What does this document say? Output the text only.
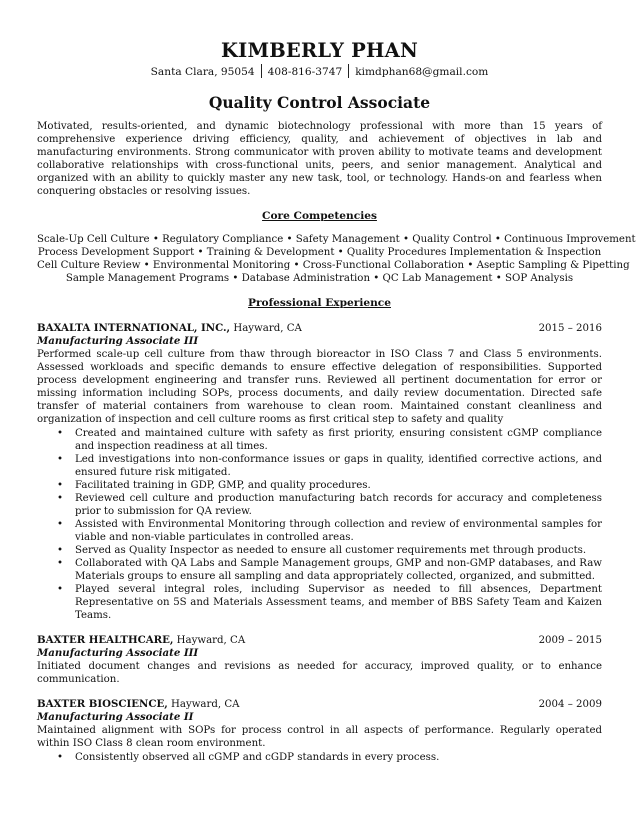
KIMBERLY PHAN
Santa Clara, 95054 408-816-3747 kimdphan68@gmail.com
Quality Control Associate
Motivated, results-oriented, and dynamic biotechnology professional with more than 15 years of comprehensive experience driving efficiency, quality, and achievement of objectives in lab and manufacturing environments. Strong communicator with proven ability to motivate teams and development collaborative relationships with cross-functional units, peers, and senior management. Analytical and organized with an ability to quickly master any new task, tool, or technology. Hands-on and fearless when conquering obstacles or resolving issues.
Core Competencies
Scale-Up Cell Culture • Regulatory Compliance • Safety Management • Quality Control • Continuous Improvement
Process Development Support • Training & Development • Quality Procedures Implementation & Inspection
Cell Culture Review • Environmental Monitoring • Cross-Functional Collaboration • Aseptic Sampling & Pipetting
Sample Management Programs • Database Administration • QC Lab Management • SOP Analysis
Professional Experience
BAXALTA INTERNATIONAL, INC., Hayward, CA	2015 – 2016
Manufacturing Associate III
Performed scale-up cell culture from thaw through bioreactor in ISO Class 7 and Class 5 environments. Assessed workloads and specific demands to ensure effective delegation of responsibilities. Supported process development engineering and transfer runs. Reviewed all pertinent documentation for error or missing information including SOPs, process documents, and daily review documentation. Directed safe transfer of material containers from warehouse to clean room. Maintained constant cleanliness and organization of inspection and cell culture rooms as first critical step to safety and quality
• Created and maintained culture with safety as first priority, ensuring consistent cGMP compliance and inspection readiness at all times.
• Led investigations into non-conformance issues or gaps in quality, identified corrective actions, and ensured future risk mitigated.
• Facilitated training in GDP, GMP, and quality procedures.
• Reviewed cell culture and production manufacturing batch records for accuracy and completeness prior to submission for QA review.
• Assisted with Environmental Monitoring through collection and review of environmental samples for viable and non-viable particulates in controlled areas.
• Served as Quality Inspector as needed to ensure all customer requirements met through products.
• Collaborated with QA Labs and Sample Management groups, GMP and non-GMP databases, and Raw Materials groups to ensure all sampling and data appropriately collected, organized, and submitted.
• Played several integral roles, including Supervisor as needed to fill absences, Department Representative on 5S and Materials Assessment teams, and member of BBS Safety Team and Kaizen Teams.
BAXTER HEALTHCARE, Hayward, CA	2009 – 2015
Manufacturing Associate III
Initiated document changes and revisions as needed for accuracy, improved quality, or to enhance communication.
BAXTER BIOSCIENCE, Hayward, CA	2004 – 2009
Manufacturing Associate II
Maintained alignment with SOPs for process control in all aspects of performance. Regularly operated within ISO Class 8 clean room environment.
• Consistently observed all cGMP and cGDP standards in every process.
